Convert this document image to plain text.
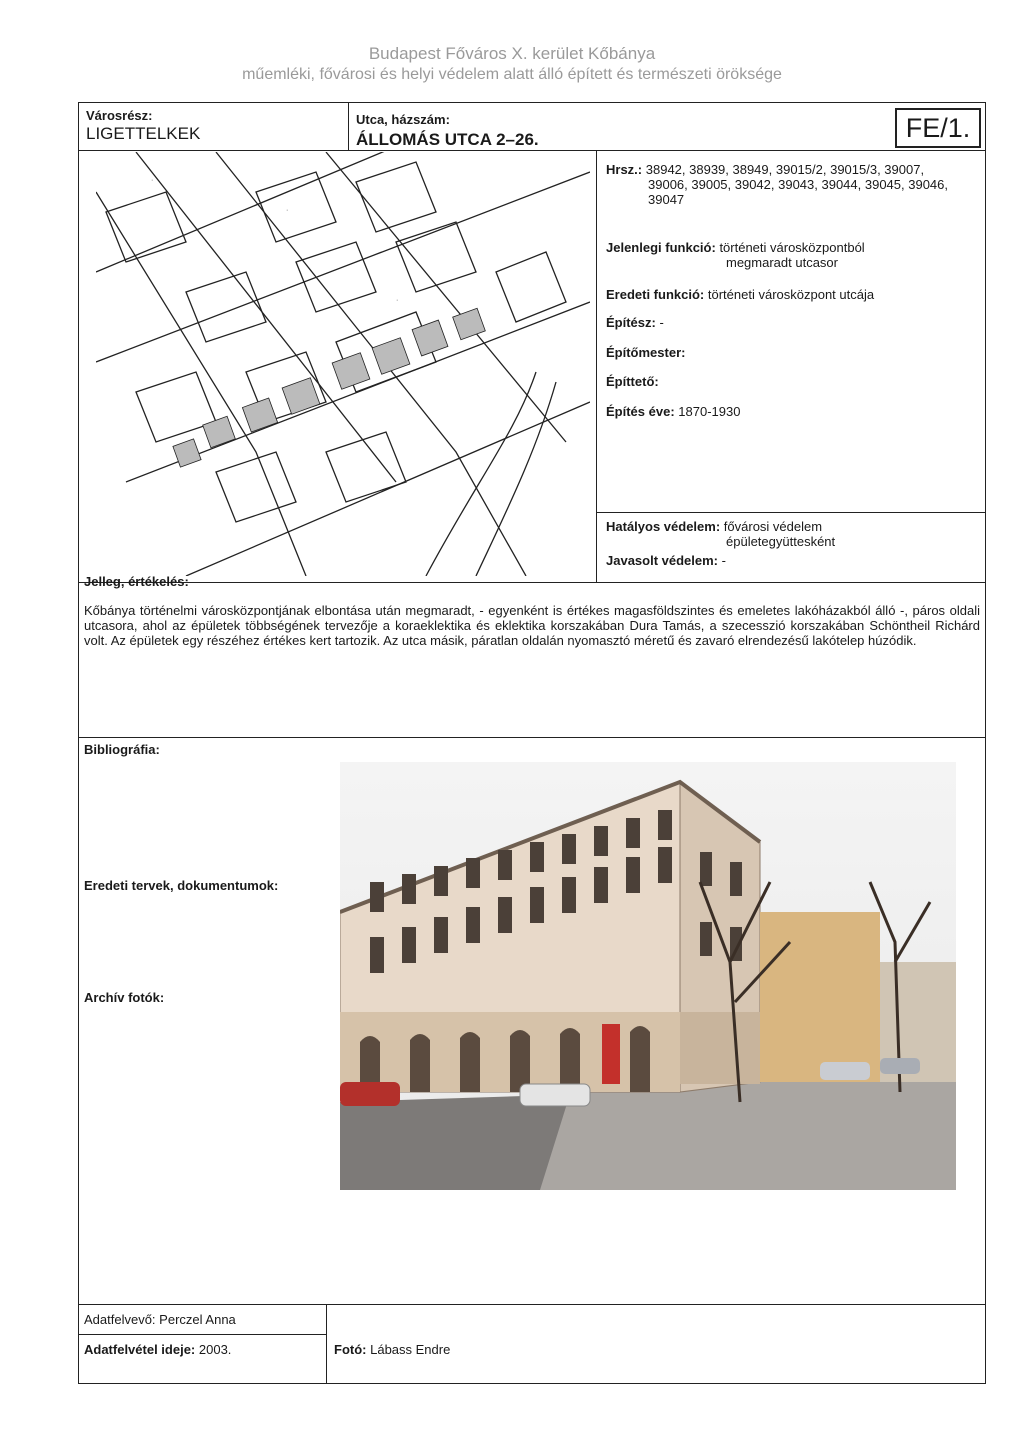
Budapest Főváros X. kerület Kőbánya
műemléki, fővárosi és helyi védelem alatt álló épített és természeti öröksége
Városrész:
LIGETTELKEK
Utca, házszám:
ÁLLOMÁS UTCA 2–26.	FE/1.
·
·
·
Hrsz.: 38942, 38939, 38949, 39015/2, 39015/3, 39007,
39006, 39005, 39042, 39043, 39044, 39045, 39046,
39047
Jelenlegi funkció: történeti városközpontból
megmaradt utcasor
Eredeti funkció: történeti városközpont utcája
Építész: -
Építőmester:
Építtető:
Építés éve: 1870-1930
Hatályos védelem: fővárosi védelem
épületegyüttesként
Javasolt védelem: -
Jelleg, értékelés:
Kőbánya történelmi városközpontjának elbontása után megmaradt, - egyenként is értékes magasföldszintes és emeletes lakóházakból álló -, páros oldali utcasora, ahol az épületek többségének tervezője a koraeklektika és eklektika korszakában Dura Tamás, a szecesszió korszakában Schöntheil Richárd volt. Az épületek egy részéhez értékes kert tartozik. Az utca másik, páratlan oldalán nyomasztó méretű és zavaró elrendezésű lakótelep húzódik.
Bibliográfia:
Eredeti tervek, dokumentumok:
Archív fotók:
Adatfelvevő: Perczel Anna
Adatfelvétel ideje: 2003.	Fotó: Lábass Endre
